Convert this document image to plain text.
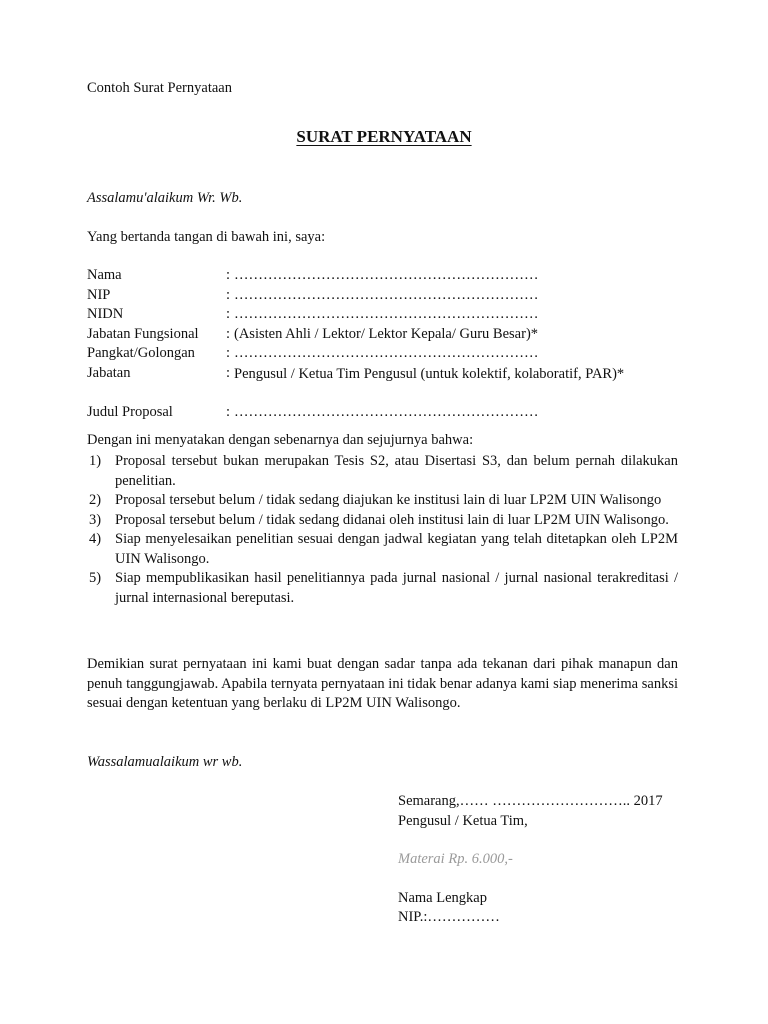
Contoh Surat Pernyataan
SURAT PERNYATAAN
Assalamu'alaikum Wr. Wb.
Yang bertanda tangan di bawah ini, saya:
Nama	: ………………………………………………………
NIP	: ………………………………………………………
NIDN	: ………………………………………………………
Jabatan Fungsional : (Asisten Ahli / Lektor/ Lektor Kepala/ Guru Besar)*
Pangkat/Golongan : ………………………………………………………
Jabatan	: Pengusul / Ketua Tim Pengusul (untuk kolektif, kolaboratif, PAR)*
Judul Proposal	: ………………………………………………………
Dengan ini menyatakan dengan sebenarnya dan sejujurnya bahwa:
1) Proposal tersebut bukan merupakan Tesis S2, atau Disertasi S3, dan belum pernah dilakukan penelitian.
2) Proposal tersebut belum / tidak sedang diajukan ke institusi lain di luar LP2M UIN Walisongo
3) Proposal tersebut belum / tidak sedang didanai oleh institusi lain di luar LP2M UIN Walisongo.
4) Siap menyelesaikan penelitian sesuai dengan jadwal kegiatan yang telah ditetapkan oleh LP2M UIN Walisongo.
5) Siap mempublikasikan hasil penelitiannya pada jurnal nasional / jurnal nasional terakreditasi / jurnal internasional bereputasi.
Demikian surat pernyataan ini kami buat dengan sadar tanpa ada tekanan dari pihak manapun dan penuh tanggungjawab. Apabila ternyata pernyataan ini tidak benar adanya kami siap menerima sanksi sesuai dengan ketentuan yang berlaku di LP2M UIN Walisongo.
Wassalamualaikum wr wb.
Semarang,…… ……………………….. 2017
Pengusul / Ketua Tim,
Materai Rp. 6.000,-
Nama Lengkap
NIP.:……………
